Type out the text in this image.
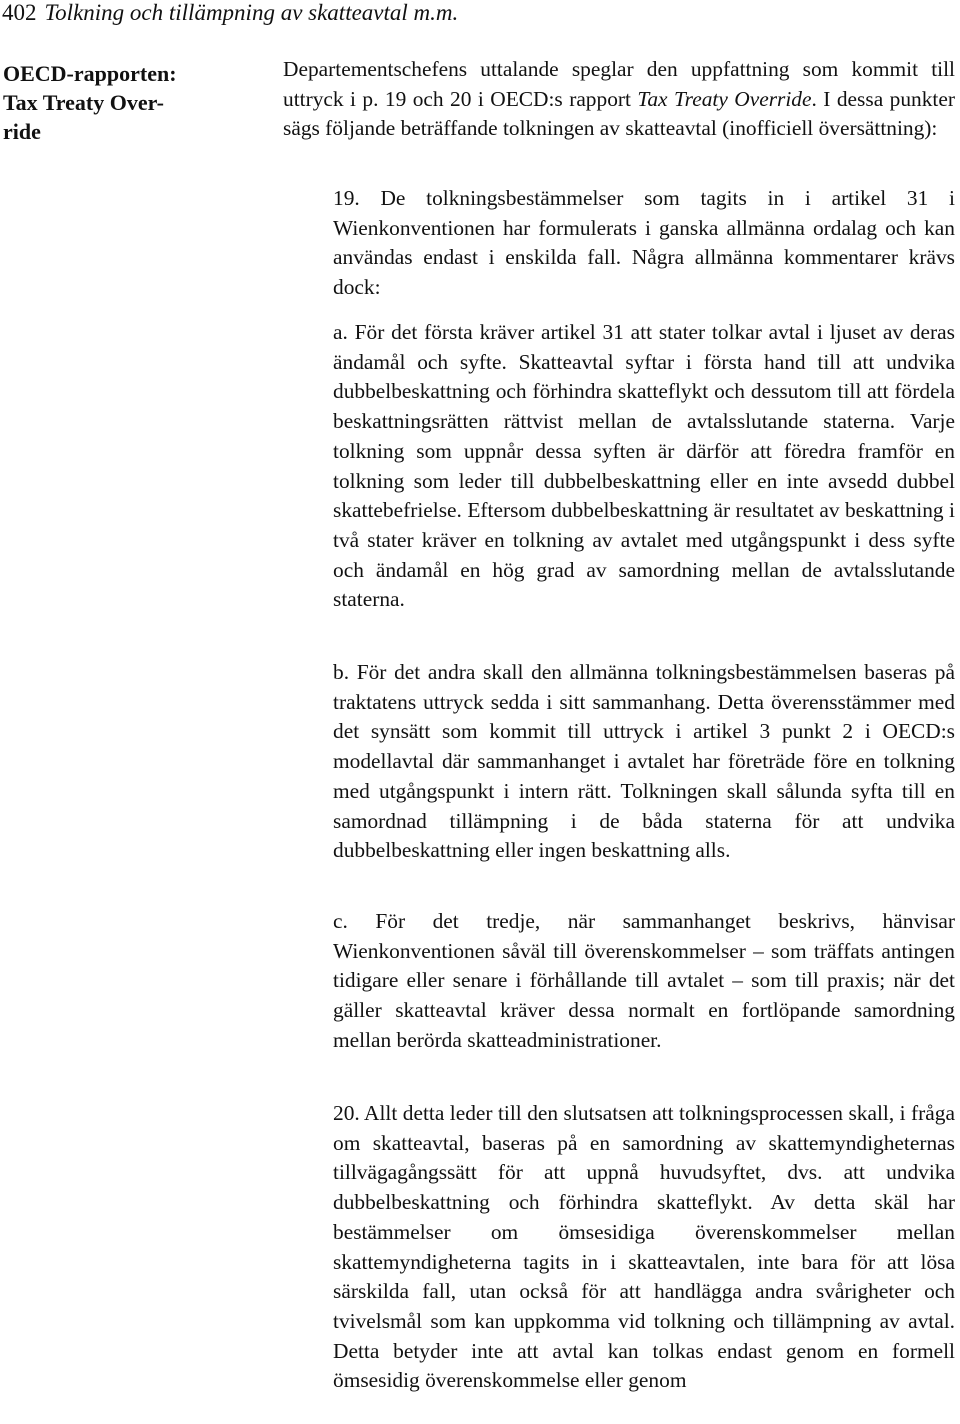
402 Tolkning och tillämpning av skatteavtal m.m.
OECD-rapporten:
Tax Treaty Over-
ride

Departementschefens uttalande speglar den uppfattning som kommit till uttryck i p. 19 och 20 i OECD:s rapport Tax Treaty Override. I dessa punkter sägs följande beträffande tolkningen av skatteavtal (inofficiell översättning):

19. De tolkningsbestämmelser som tagits in i artikel 31 i Wienkonventionen har formulerats i ganska allmänna ordalag och kan användas endast i enskilda fall. Några allmänna kommentarer krävs dock:

a. För det första kräver artikel 31 att stater tolkar avtal i ljuset av deras ändamål och syfte. Skatteavtal syftar i första hand till att undvika dubbelbeskattning och förhindra skatteflykt och dessutom till att fördela beskattningsrätten rättvist mellan de avtalsslutande staterna. Varje tolkning som uppnår dessa syften är därför att föredra framför en tolkning som leder till dubbelbeskattning eller en inte avsedd dubbel skattebefrielse. Eftersom dubbelbeskattning är resultatet av beskattning i två stater kräver en tolkning av avtalet med utgångspunkt i dess syfte och ändamål en hög grad av samordning mellan de avtalsslutande staterna.

b. För det andra skall den allmänna tolkningsbestämmelsen baseras på traktatens uttryck sedda i sitt sammanhang. Detta överensstämmer med det synsätt som kommit till uttryck i artikel 3 punkt 2 i OECD:s modellavtal där sammanhanget i avtalet har företräde före en tolkning med utgångspunkt i intern rätt. Tolkningen skall sålunda syfta till en samordnad tillämpning i de båda staterna för att undvika dubbelbeskattning eller ingen beskattning alls.

c. För det tredje, när sammanhanget beskrivs, hänvisar Wienkonventionen såväl till överenskommelser – som träffats antingen tidigare eller senare i förhållande till avtalet – som till praxis; när det gäller skatteavtal kräver dessa normalt en fortlöpande samordning mellan berörda skatteadministrationer.

20. Allt detta leder till den slutsatsen att tolkningsprocessen skall, i fråga om skatteavtal, baseras på en samordning av skattemyndigheternas tillvägagångssätt för att uppnå huvudsyftet, dvs. att undvika dubbelbeskattning och förhindra skatteflykt. Av detta skäl har bestämmelser om ömsesidiga överenskommelser mellan skattemyndigheterna tagits in i skatteavtalen, inte bara för att lösa särskilda fall, utan också för att handlägga andra svårigheter och tvivelsmål som kan uppkomma vid tolkning och tillämpning av avtal. Detta betyder inte att avtal kan tolkas endast genom en formell ömsesidig överenskommelse eller genom
